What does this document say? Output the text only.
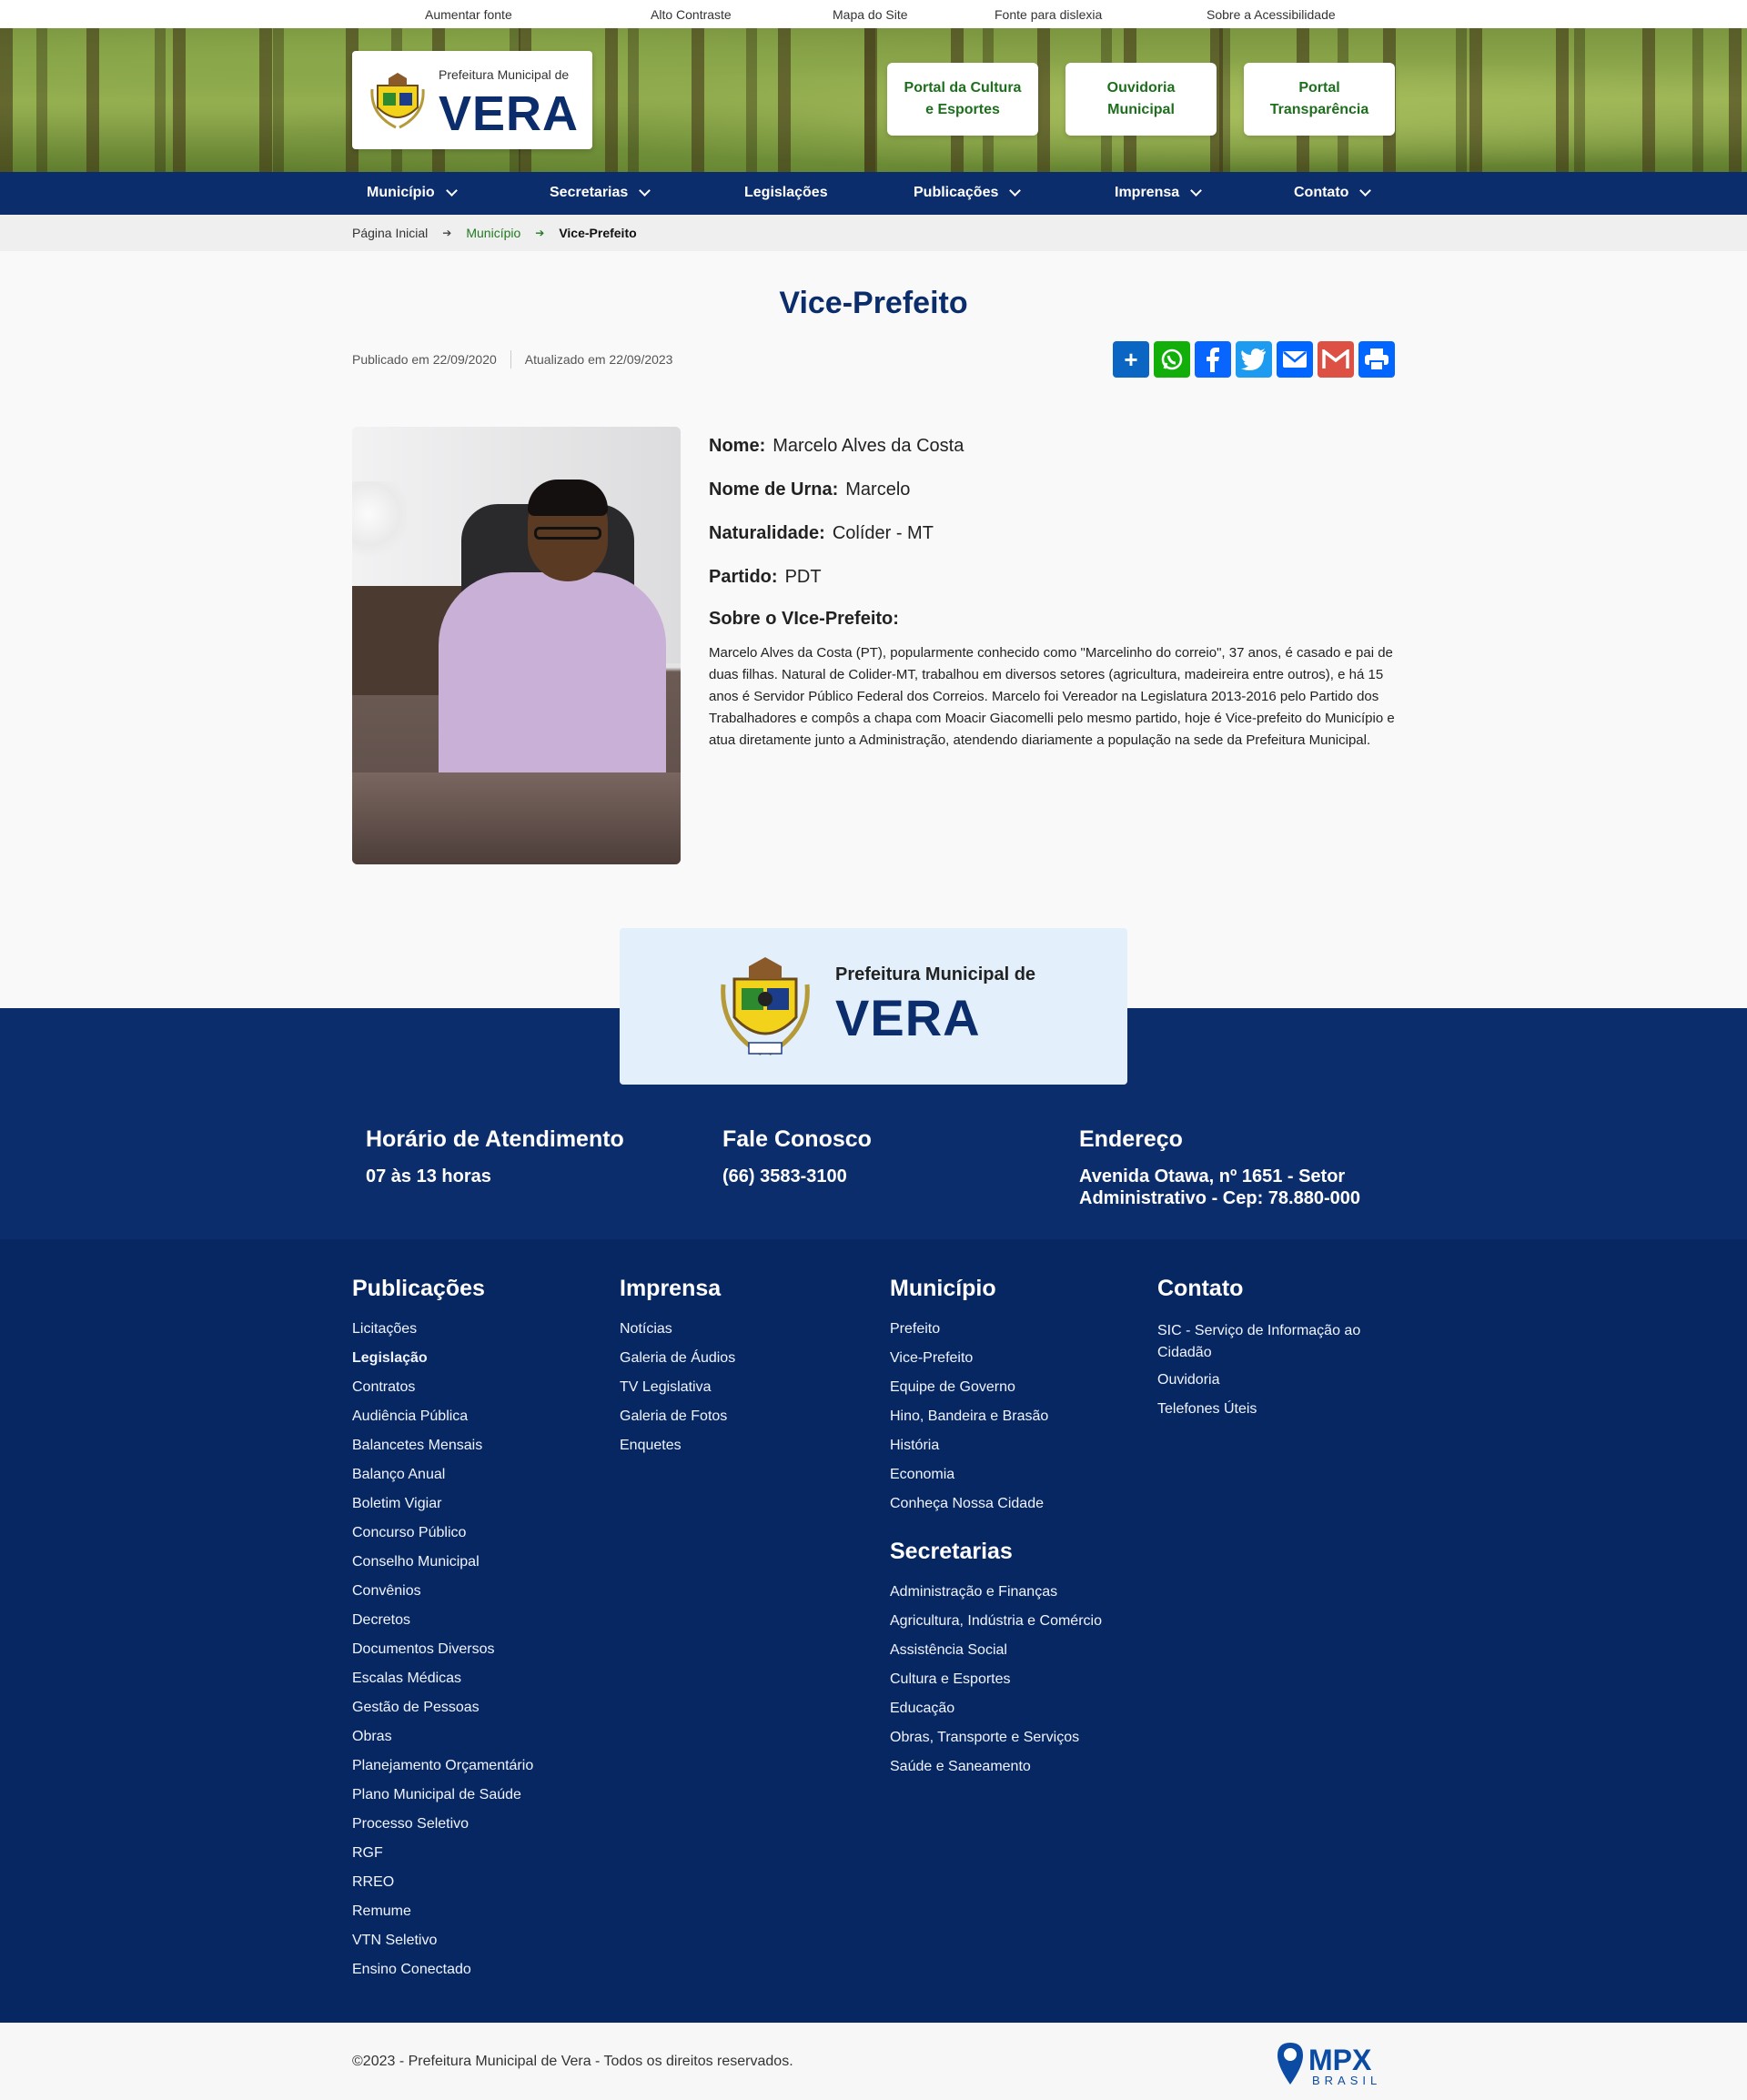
Aumentar fonte	Alto Contraste	Mapa do Site	Fonte para dislexia	Sobre a Acessibilidade
Prefeitura Municipal de
VERA	Portal da Cultura e Esportes
Ouvidoria Municipal
Portal Transparência
Município	Secretarias	Legislações	Publicações	Imprensa	Contato
Página Inicial ➔ Município ➔ Vice-Prefeito
Vice-Prefeito
Publicado em 22/09/2020 Atualizado em 22/09/2023	+
Nome: Marcelo Alves da Costa
Nome de Urna: Marcelo
Naturalidade: Colíder - MT
Partido: PDT
Sobre o VIce-Prefeito:

Marcelo Alves da Costa (PT), popularmente conhecido como "Marcelinho do correio", 37 anos, é casado e pai de duas filhas. Natural de Colider-MT, trabalhou em diversos setores (agricultura, madeireira entre outros), e há 15 anos é Servidor Público Federal dos Correios. Marcelo foi Vereador na Legislatura 2013-2016 pelo Partido dos Trabalhadores e compôs a chapa com Moacir Giacomelli pelo mesmo partido, hoje é Vice-prefeito do Município e atua diretamente junto a Administração, atendendo diariamente a população na sede da Prefeitura Municipal.

Horário de Atendimento
07 às 13 horas
Fale Conosco
(66) 3583-3100
Endereço
Avenida Otawa, nº 1651 - Setor Administrativo - Cep: 78.880-000
Prefeitura Municipal de
VERA
Publicações
Licitações
Legislação
Contratos
Audiência Pública
Balancetes Mensais
Balanço Anual
Boletim Vigiar
Concurso Público
Conselho Municipal
Convênios
Decretos
Documentos Diversos
Escalas Médicas
Gestão de Pessoas
Obras
Planejamento Orçamentário
Plano Municipal de Saúde
Processo Seletivo
RGF
RREO
Remume
VTN Seletivo
Ensino Conectado
Imprensa
Notícias
Galeria de Áudios
TV Legislativa
Galeria de Fotos
Enquetes
Município
Prefeito
Vice-Prefeito
Equipe de Governo
Hino, Bandeira e Brasão
História
Economia
Conheça Nossa Cidade
Secretarias
Administração e Finanças
Agricultura, Indústria e Comércio
Assistência Social
Cultura e Esportes
Educação
Obras, Transporte e Serviços
Saúde e Saneamento
Contato
SIC - Serviço de Informação ao Cidadão
Ouvidoria
Telefones Úteis
©2023 - Prefeitura Municipal de Vera - Todos os direitos reservados.	MPX
BRASIL
